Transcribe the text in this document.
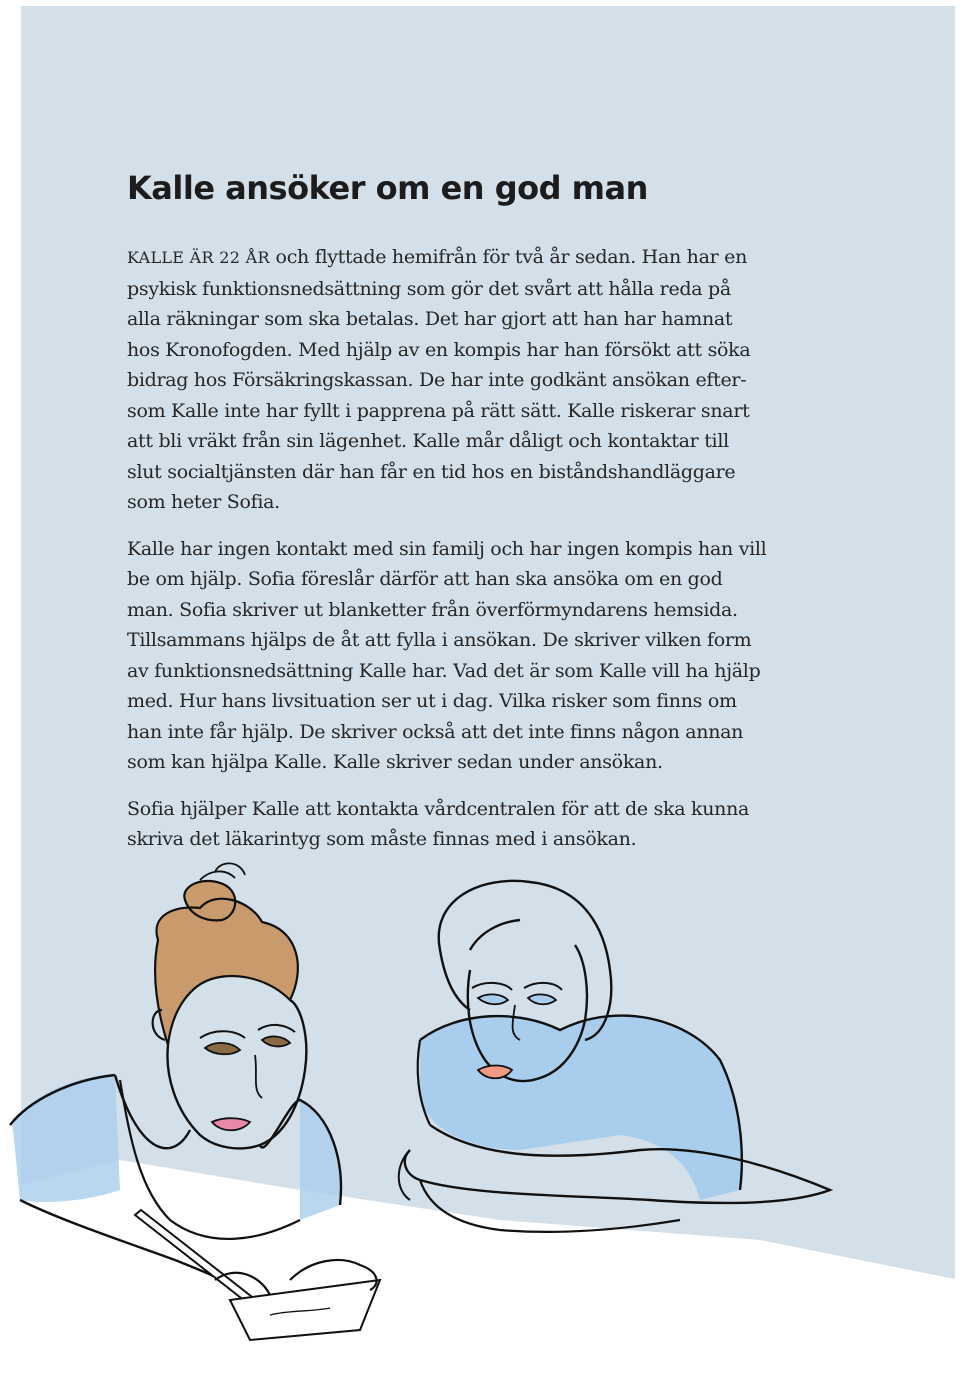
Kalle ansöker om en god man

KALLE ÄR 22 ÅR och flyttade hemifrån för två år sedan. Han har en psykisk funktionsnedsättning som gör det svårt att hålla reda på alla räkningar som ska betalas. Det har gjort att han har hamnat hos Kronofogden. Med hjälp av en kompis har han försökt att söka bidrag hos Försäkringskassan. De har inte godkänt ansökan eftersom Kalle inte har fyllt i papprena på rätt sätt. Kalle riskerar snart att bli vräkt från sin lägenhet. Kalle mår dåligt och kontaktar till slut socialtjänsten där han får en tid hos en biståndshandläggare som heter Sofia.

Kalle har ingen kontakt med sin familj och har ingen kompis han vill be om hjälp. Sofia föreslår därför att han ska ansöka om en god man. Sofia skriver ut blanketter från överförmyndarens hemsida. Tillsammans hjälps de åt att fylla i ansökan. De skriver vilken form av funktionsnedsättning Kalle har. Vad det är som Kalle vill ha hjälp med. Hur hans livsituation ser ut i dag. Vilka risker som finns om han inte får hjälp. De skriver också att det inte finns någon annan som kan hjälpa Kalle. Kalle skriver sedan under ansökan.

Sofia hjälper Kalle att kontakta vårdcentralen för att de ska kunna skriva det läkarintyg som måste finnas med i ansökan.
